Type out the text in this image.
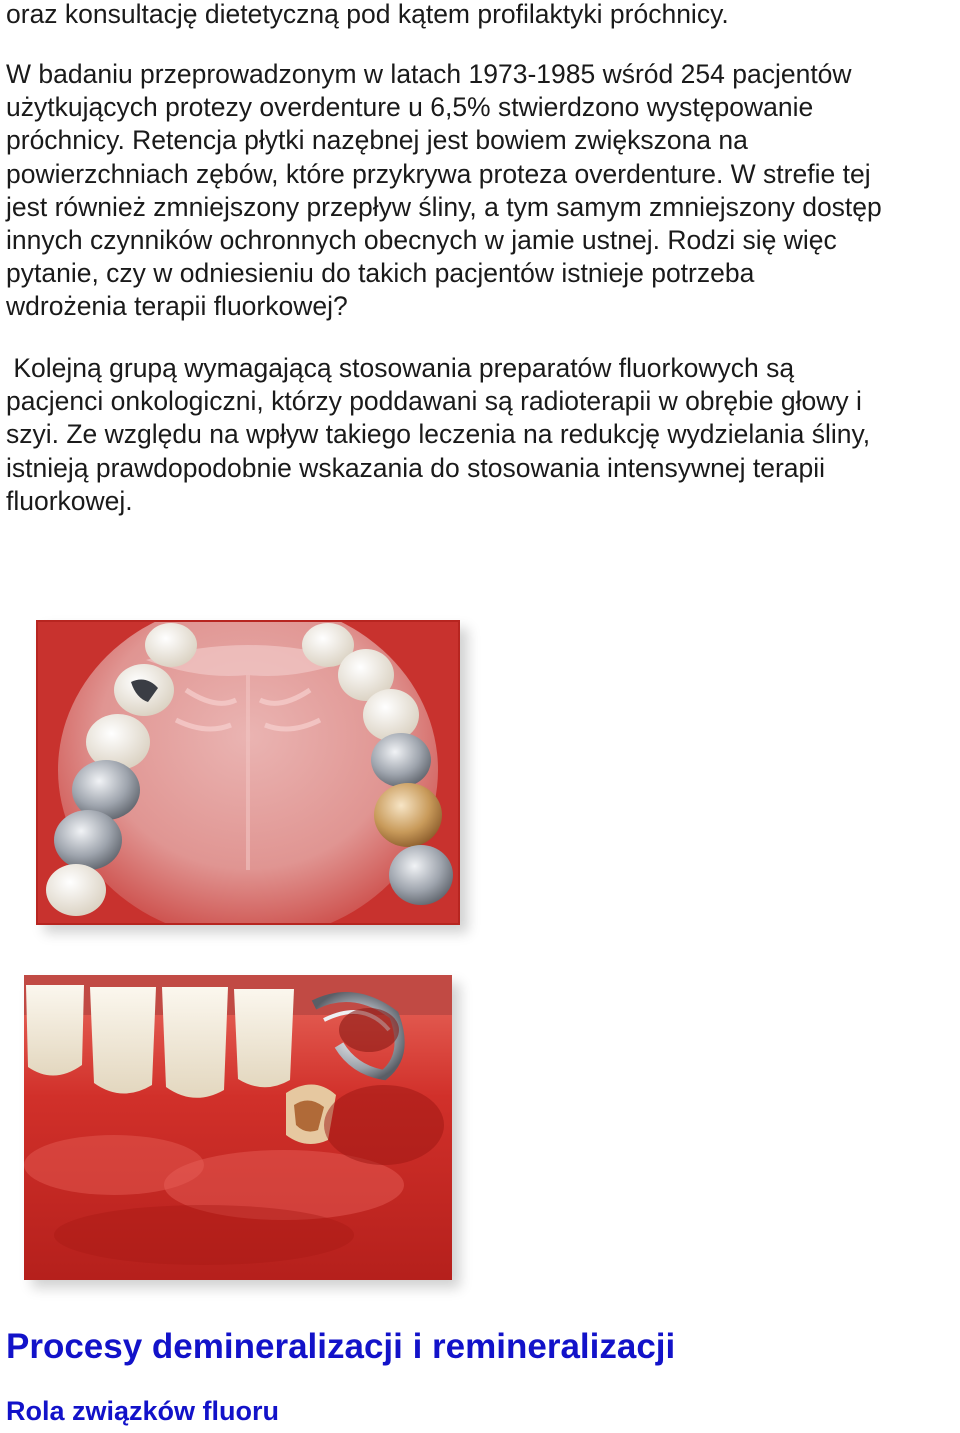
oraz konsultację dietetyczną pod kątem profilaktyki próchnicy.

W badaniu przeprowadzonym w latach 1973-1985 wśród 254 pacjentów
użytkujących protezy overdenture u 6,5% stwierdzono występowanie
próchnicy. Retencja płytki nazębnej jest bowiem zwiększona na
powierzchniach zębów, które przykrywa proteza overdenture. W strefie tej
jest również zmniejszony przepływ śliny, a tym samym zmniejszony dostęp
innych czynników ochronnych obecnych w jamie ustnej. Rodzi się więc
pytanie, czy w odniesieniu do takich pacjentów istnieje potrzeba
wdrożenia terapii fluorkowej?

Kolejną grupą wymagającą stosowania preparatów fluorkowych są
pacjenci onkologiczni, którzy poddawani są radioterapii w obrębie głowy i
szyi. Ze względu na wpływ takiego leczenia na redukcję wydzielania śliny,
istnieją prawdopodobnie wskazania do stosowania intensywnej terapii
fluorkowej.

Procesy demineralizacji i remineralizacji
Rola związków fluoru
